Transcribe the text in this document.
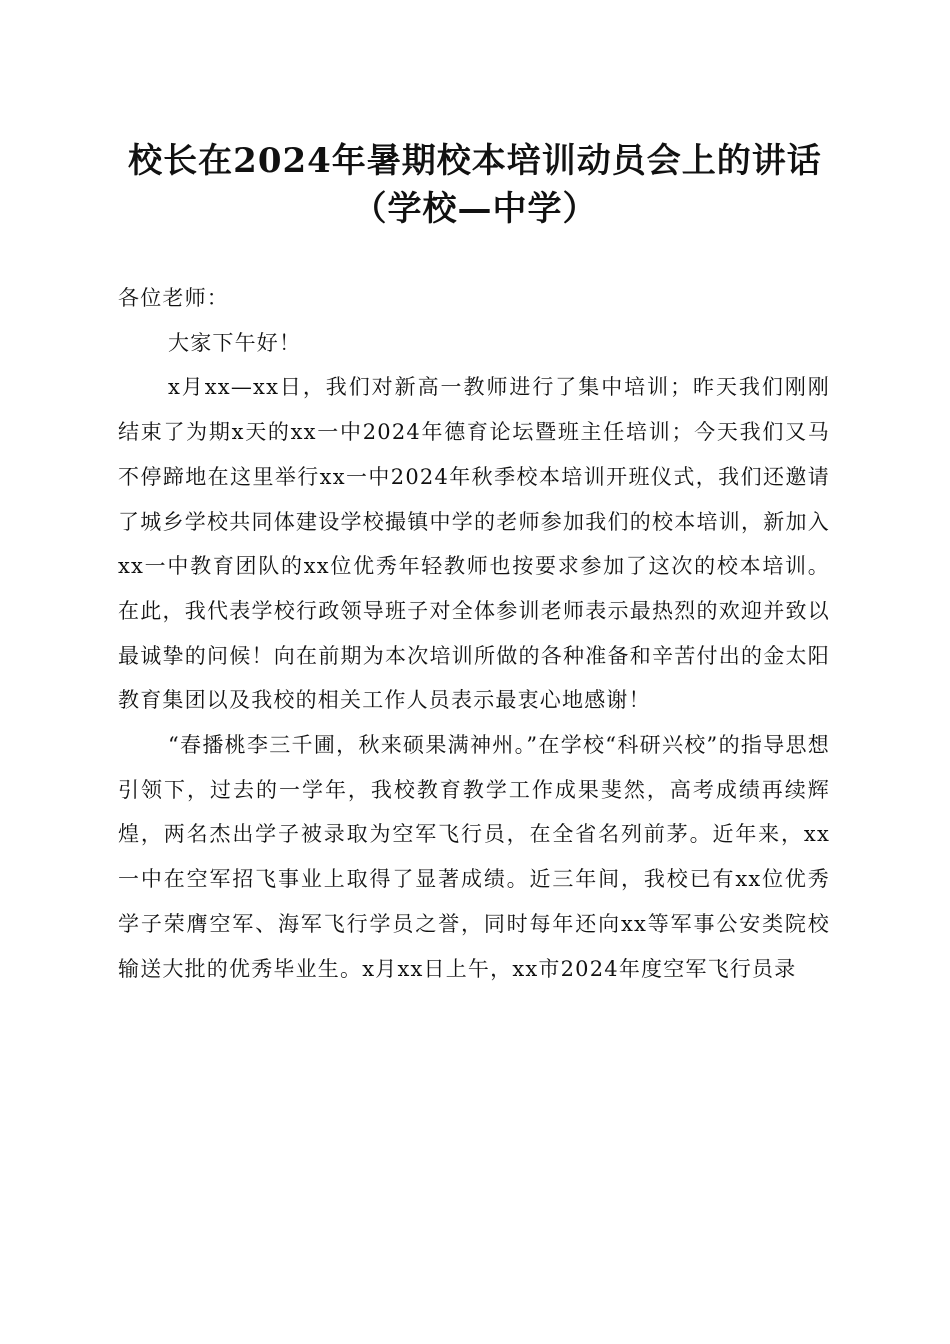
校长在2024年暑期校本培训动员会上的讲话
（学校—中学）

各位老师：

大家下午好！

x月xx—xx日，我们对新高一教师进行了集中培训；昨天我们刚刚结束了为期x天的xx一中2024年德育论坛暨班主任培训；今天我们又马不停蹄地在这里举行xx一中2024年秋季校本培训开班仪式，我们还邀请了城乡学校共同体建设学校撮镇中学的老师参加我们的校本培训，新加入xx一中教育团队的xx位优秀年轻教师也按要求参加了这次的校本培训。在此，我代表学校行政领导班子对全体参训老师表示最热烈的欢迎并致以最诚挚的问候！向在前期为本次培训所做的各种准备和辛苦付出的金太阳教育集团以及我校的相关工作人员表示最衷心地感谢！

“春播桃李三千圃，秋来硕果满神州。”在学校“科研兴校”的指导思想引领下，过去的一学年，我校教育教学工作成果斐然，高考成绩再续辉煌，两名杰出学子被录取为空军飞行员，在全省名列前茅。近年来，xx一中在空军招飞事业上取得了显著成绩。近三年间，我校已有xx位优秀学子荣膺空军、海军飞行学员之誉，同时每年还向xx等军事公安类院校输送大批的优秀毕业生。x月xx日上午，xx市2024年度空军飞行员录
